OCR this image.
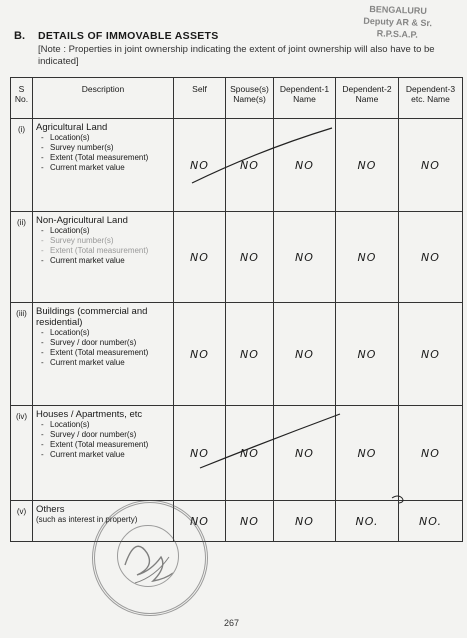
BENGALURU
Deputy AR & Sr.
R.P.S.A.P.
B. DETAILS OF IMMOVABLE ASSETS
[Note : Properties in joint ownership indicating the extent of joint ownership will also have to be
indicated]
S No.	Description	Self	Spouse(s) Name(s)	Dependent-1 Name	Dependent-2 Name	Dependent-3 etc. Name
(i)	Agricultural Land
- Location(s)
- Survey number(s)
- Extent (Total measurement)
- Current market value	NO	NO	NO	NO	NO
(ii)	Non-Agricultural Land
- Location(s)
- Survey number(s)
- Extent (Total measurement)
- Current market value	NO	NO	NO	NO	NO
(iii)	Buildings (commercial and residential)
- Location(s)
- Survey / door number(s)
- Extent (Total measurement)
- Current market value	NO	NO	NO	NO	NO
(iv)	Houses / Apartments, etc
- Location(s)
- Survey / door number(s)
- Extent (Total measurement)
- Current market value	NO	NO	NO	NO	NO
(v)	Others
(such as interest in property)	NO	NO	NO	NO.	NO.
267
